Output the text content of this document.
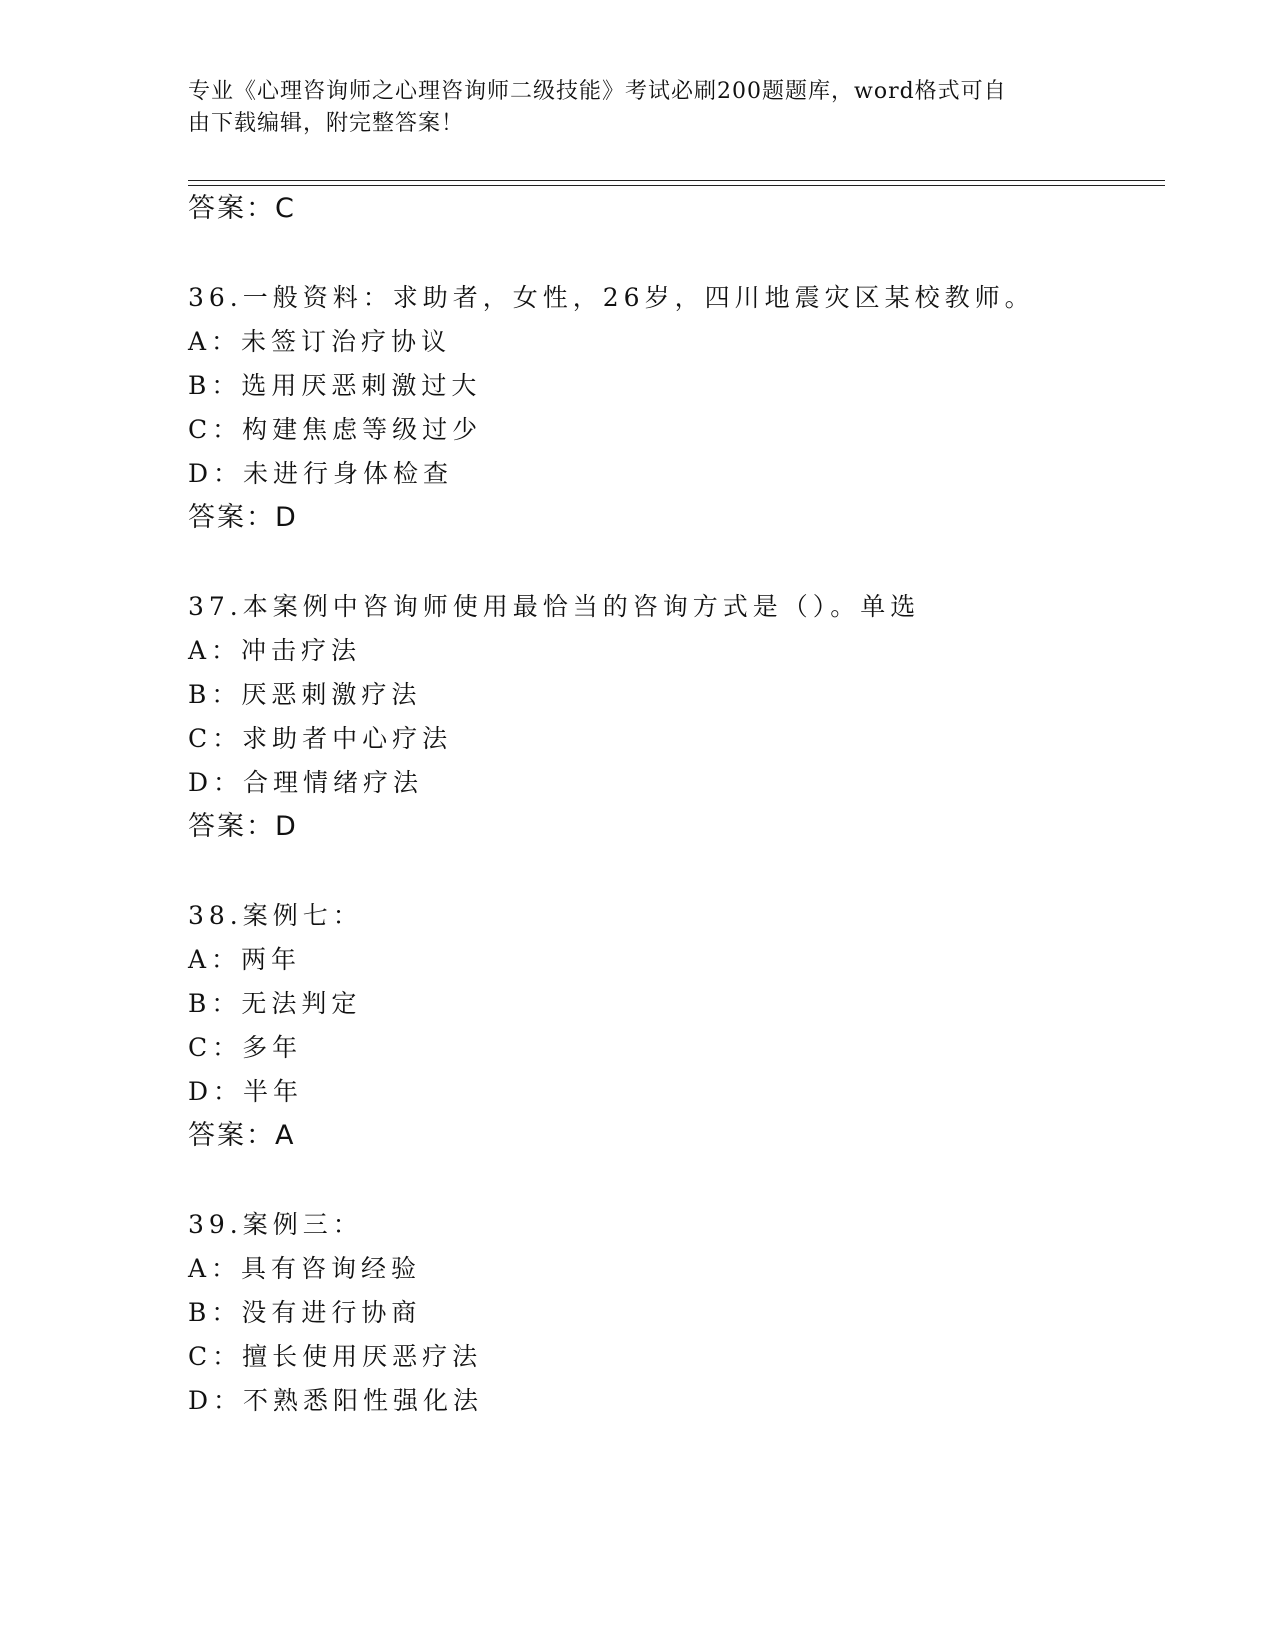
专业《心理咨询师之心理咨询师二级技能》考试必刷200题题库，word格式可自
由下载编辑，附完整答案！
答案：C
36.一般资料：求助者，女性，26岁，四川地震灾区某校教师。
A：未签订治疗协议
B：选用厌恶刺激过大
C：构建焦虑等级过少
D：未进行身体检查
答案：D
37.本案例中咨询师使用最恰当的咨询方式是（）。单选
A：冲击疗法
B：厌恶刺激疗法
C：求助者中心疗法
D：合理情绪疗法
答案：D
38.案例七：
A：两年
B：无法判定
C：多年
D：半年
答案：A
39.案例三：
A：具有咨询经验
B：没有进行协商
C：擅长使用厌恶疗法
D：不熟悉阳性强化法
